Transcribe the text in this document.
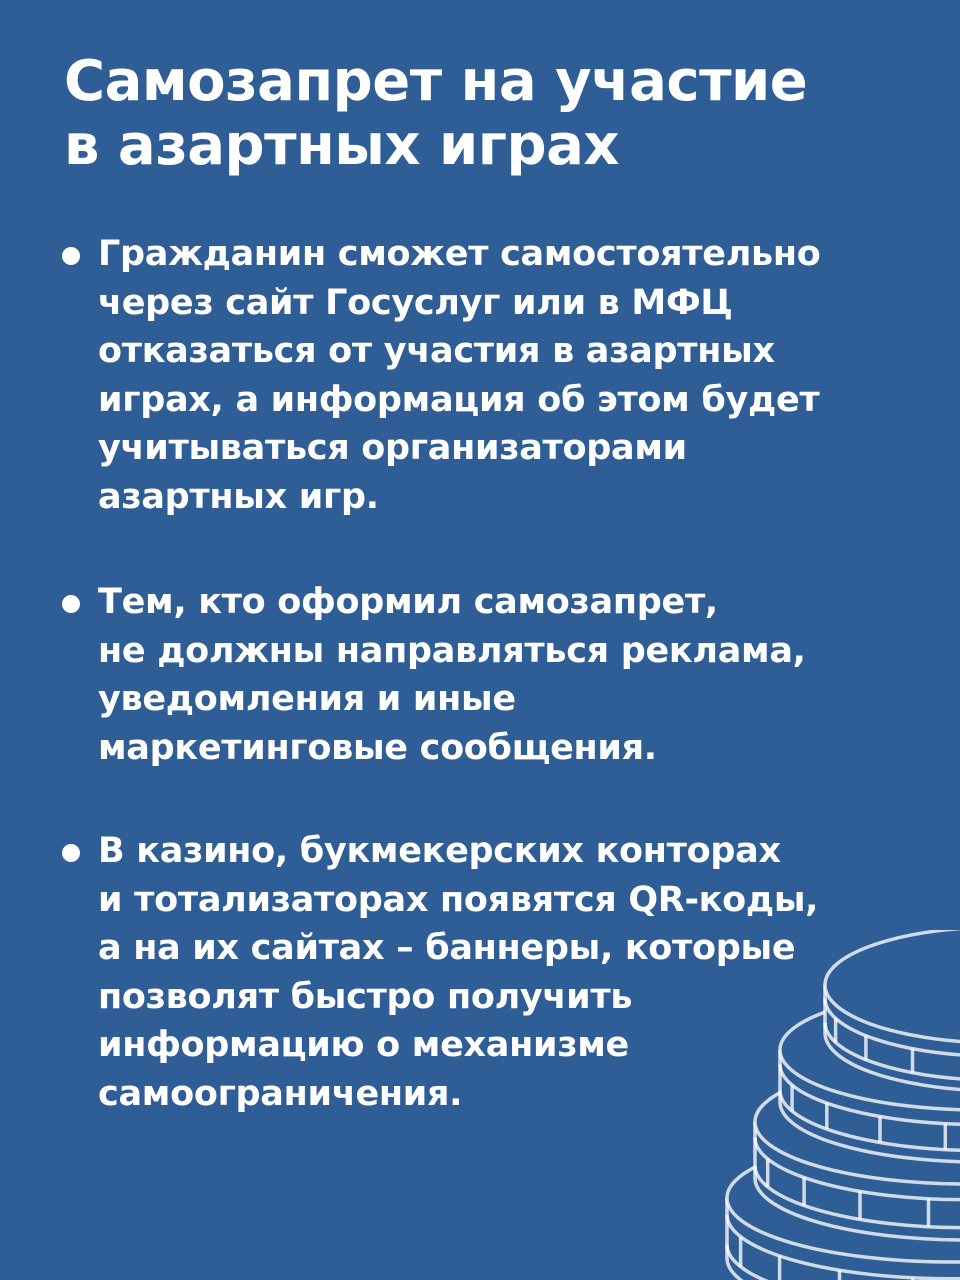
Самозапрет на участие
в азартных играх
Гражданин сможет самостоятельно
через сайт Госуслуг или в МФЦ
отказаться от участия в азартных
играх, а информация об этом будет
учитываться организаторами
азартных игр.
Тем, кто оформил самозапрет,
не должны направляться реклама,
уведомления и иные
маркетинговые сообщения.
В казино, букмекерских конторах
и тотализаторах появятся QR-коды,
а на их сайтах – баннеры, которые
позволят быстро получить
информацию о механизме
самоограничения.
